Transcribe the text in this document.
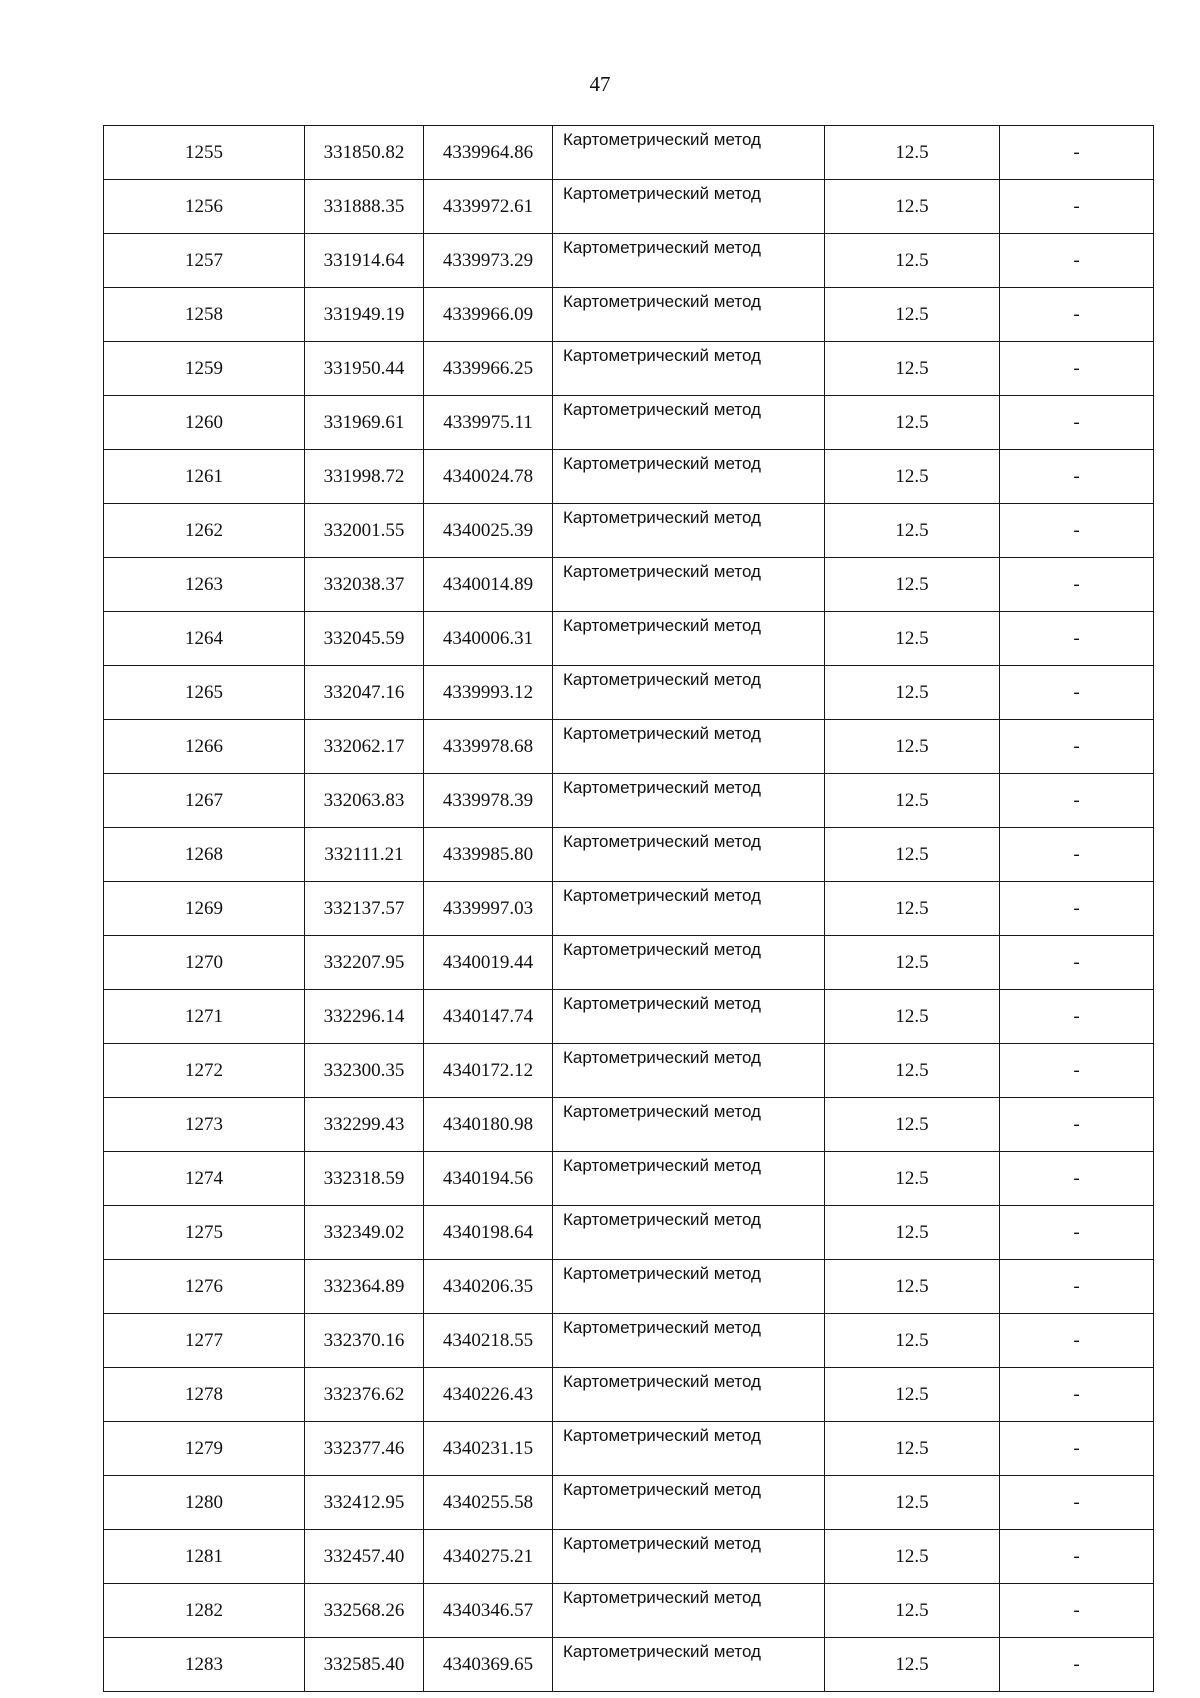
47
1255	331850.82	4339964.86	Картометрический метод	12.5	-
1256	331888.35	4339972.61	Картометрический метод	12.5	-
1257	331914.64	4339973.29	Картометрический метод	12.5	-
1258	331949.19	4339966.09	Картометрический метод	12.5	-
1259	331950.44	4339966.25	Картометрический метод	12.5	-
1260	331969.61	4339975.11	Картометрический метод	12.5	-
1261	331998.72	4340024.78	Картометрический метод	12.5	-
1262	332001.55	4340025.39	Картометрический метод	12.5	-
1263	332038.37	4340014.89	Картометрический метод	12.5	-
1264	332045.59	4340006.31	Картометрический метод	12.5	-
1265	332047.16	4339993.12	Картометрический метод	12.5	-
1266	332062.17	4339978.68	Картометрический метод	12.5	-
1267	332063.83	4339978.39	Картометрический метод	12.5	-
1268	332111.21	4339985.80	Картометрический метод	12.5	-
1269	332137.57	4339997.03	Картометрический метод	12.5	-
1270	332207.95	4340019.44	Картометрический метод	12.5	-
1271	332296.14	4340147.74	Картометрический метод	12.5	-
1272	332300.35	4340172.12	Картометрический метод	12.5	-
1273	332299.43	4340180.98	Картометрический метод	12.5	-
1274	332318.59	4340194.56	Картометрический метод	12.5	-
1275	332349.02	4340198.64	Картометрический метод	12.5	-
1276	332364.89	4340206.35	Картометрический метод	12.5	-
1277	332370.16	4340218.55	Картометрический метод	12.5	-
1278	332376.62	4340226.43	Картометрический метод	12.5	-
1279	332377.46	4340231.15	Картометрический метод	12.5	-
1280	332412.95	4340255.58	Картометрический метод	12.5	-
1281	332457.40	4340275.21	Картометрический метод	12.5	-
1282	332568.26	4340346.57	Картометрический метод	12.5	-
1283	332585.40	4340369.65	Картометрический метод	12.5	-
